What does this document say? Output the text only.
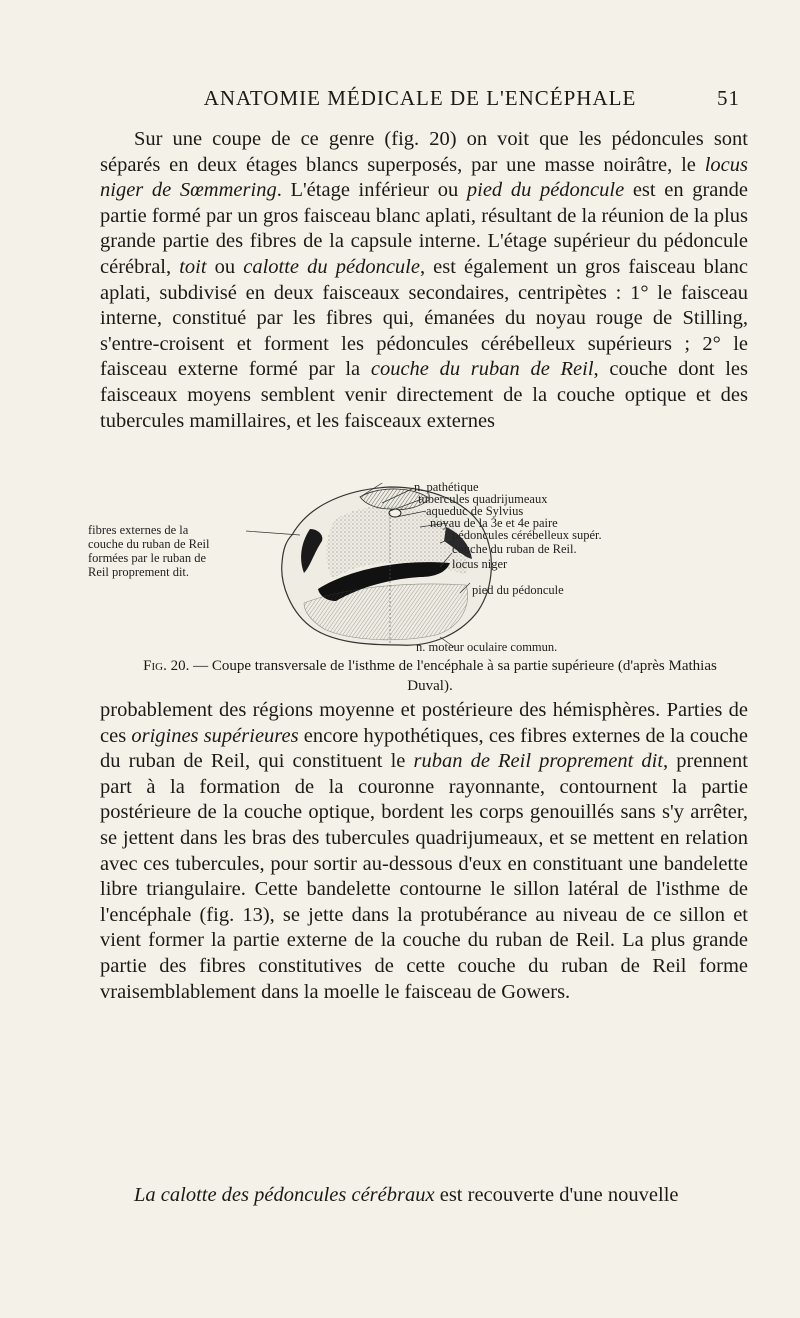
ANATOMIE MÉDICALE DE L'ENCÉPHALE	51

Sur une coupe de ce genre (fig. 20) on voit que les pédoncules sont séparés en deux étages blancs superposés, par une masse noirâtre, le locus niger de Sœmmering. L'étage inférieur ou pied du pédoncule est en grande partie formé par un gros faisceau blanc aplati, résultant de la réunion de la plus grande partie des fibres de la capsule interne. L'étage supérieur du pédoncule cérébral, toit ou calotte du pédoncule, est également un gros faisceau blanc aplati, subdivisé en deux faisceaux secondaires, centripètes : 1° le faisceau interne, constitué par les fibres qui, émanées du noyau rouge de Stilling, s'entre-croisent et forment les pédoncules cérébelleux supérieurs ; 2° le faisceau externe formé par la couche du ruban de Reil, couche dont les faisceaux moyens semblent venir directement de la couche optique et des tubercules mamillaires, et les faisceaux externes

n. pathétique
tubercules quadrijumeaux
aqueduc de Sylvius
noyau de la 3e et 4e paire
pédoncules cérébelleux supér.
couche du ruban de Reil.
locus niger
pied du pédoncule
n. moteur oculaire commun.
fibres externes de la
couche du ruban de Reil
formées par le ruban de
Reil proprement dit.

Fig. 20. — Coupe transversale de l'isthme de l'encéphale à sa partie supérieure (d'après Mathias Duval).

probablement des régions moyenne et postérieure des hémisphères. Parties de ces origines supérieures encore hypothétiques, ces fibres externes de la couche du ruban de Reil, qui constituent le ruban de Reil proprement dit, prennent part à la formation de la couronne rayonnante, contournent la partie postérieure de la couche optique, bordent les corps genouillés sans s'y arrêter, se jettent dans les bras des tubercules quadrijumeaux, et se mettent en relation avec ces tubercules, pour sortir au-dessous d'eux en constituant une bandelette libre triangulaire. Cette bandelette contourne le sillon latéral de l'isthme de l'encéphale (fig. 13), se jette dans la protubérance au niveau de ce sillon et vient former la partie externe de la couche du ruban de Reil. La plus grande partie des fibres constitutives de cette couche du ruban de Reil forme vraisemblablement dans la moelle le faisceau de Gowers.

La calotte des pédoncules cérébraux est recouverte d'une nouvelle
